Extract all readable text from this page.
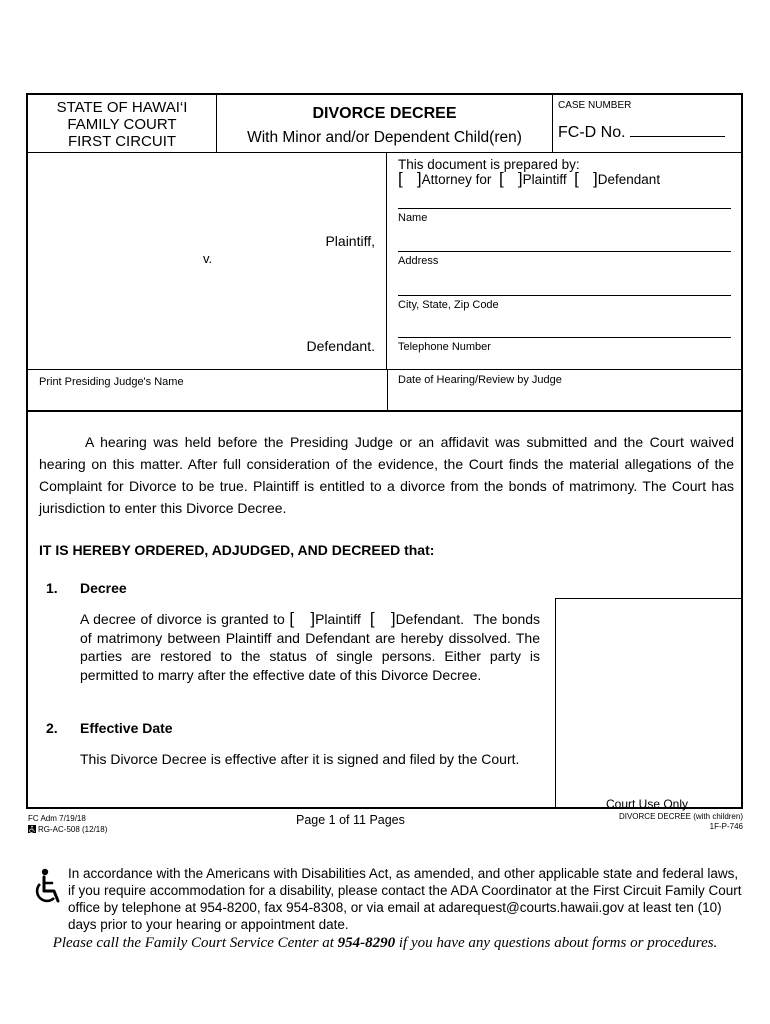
STATE OF HAWAI‘I
FAMILY COURT
FIRST CIRCUIT
DIVORCE DECREE
With Minor and/or Dependent Child(ren)
CASE NUMBER
FC-D No.
Plaintiff,
v.
Defendant.
This document is prepared by:
[ ]Attorney for [ ]Plaintiff [ ]Defendant
Name
Address
City, State, Zip Code
Telephone Number
Print Presiding Judge's Name	Date of Hearing/Review by Judge
A hearing was held before the Presiding Judge or an affidavit was submitted and the Court waived hearing on this matter. After full consideration of the evidence, the Court finds the material allegations of the Complaint for Divorce to be true. Plaintiff is entitled to a divorce from the bonds of matrimony. The Court has jurisdiction to enter this Divorce Decree.
IT IS HEREBY ORDERED, ADJUDGED, AND DECREED that:
1. Decree
A decree of divorce is granted to [ ]Plaintiff [ ]Defendant. The bonds of matrimony between Plaintiff and Defendant are hereby dissolved. The parties are restored to the status of single persons. Either party is permitted to marry after the effective date of this Divorce Decree.
2. Effective Date
This Divorce Decree is effective after it is signed and filed by the Court.
Court Use Only
FC Adm 7/19/18
RG-AC-508 (12/18)
Page 1 of 11 Pages	DIVORCE DECREE (with children)
1F-P-746
In accordance with the Americans with Disabilities Act, as amended, and other applicable state and federal laws, if you require accommodation for a disability, please contact the ADA Coordinator at the First Circuit Family Court office by telephone at 954-8200, fax 954-8308, or via email at adarequest@courts.hawaii.gov at least ten (10) days prior to your hearing or appointment date.
Please call the Family Court Service Center at 954-8290 if you have any questions about forms or procedures.
